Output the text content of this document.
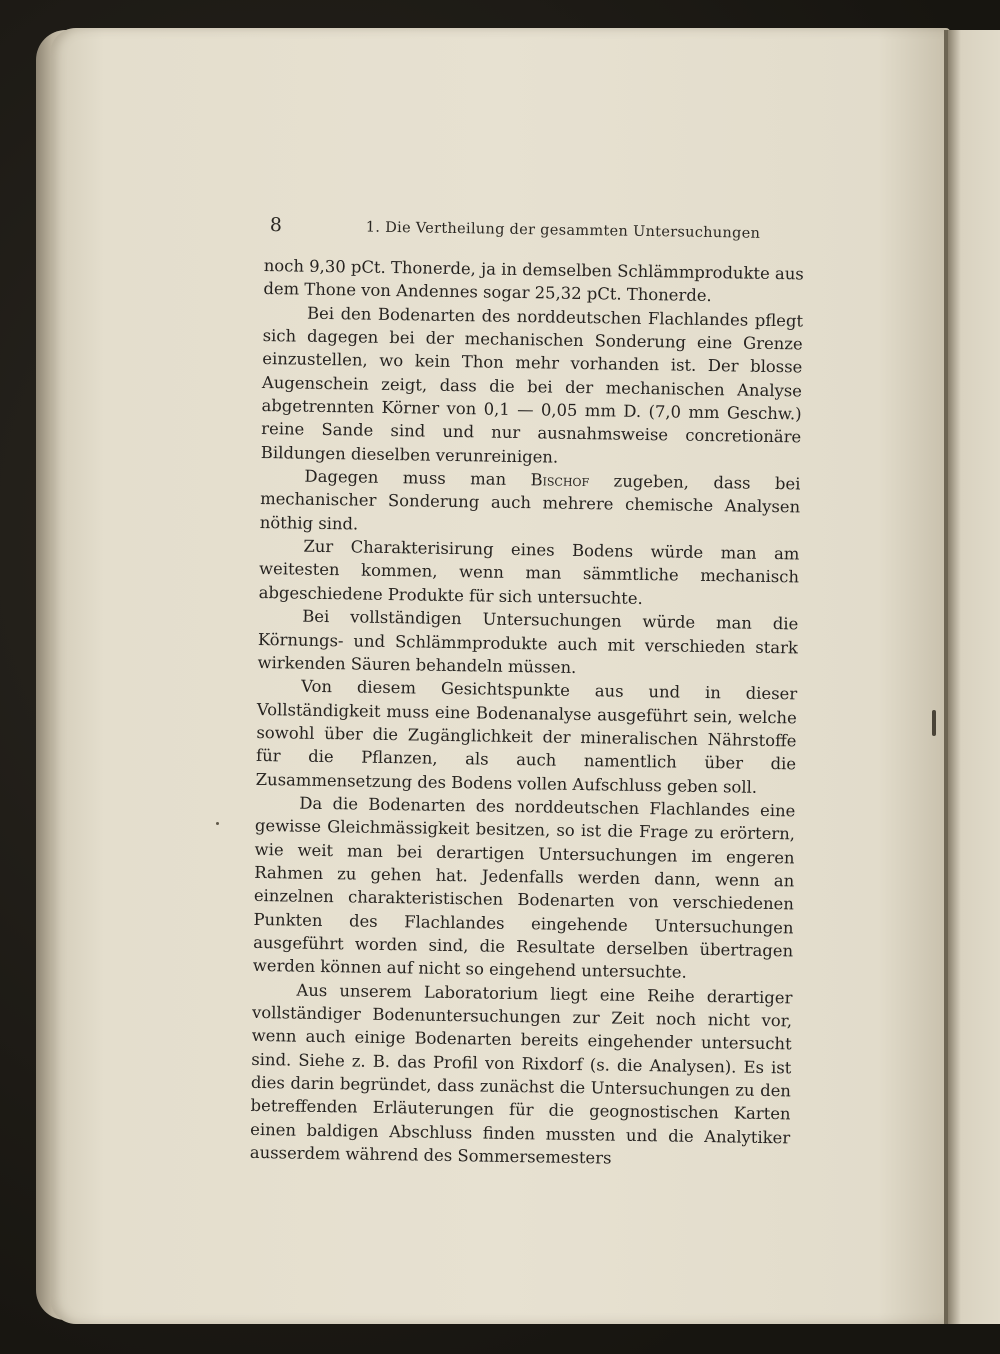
8	1. Die Vertheilung der gesammten Untersuchungen

noch 9,30 pCt. Thonerde, ja in demselben Schlämmprodukte aus dem Thone von Andennes sogar 25,32 pCt. Thonerde.

Bei den Bodenarten des norddeutschen Flachlandes pflegt sich dagegen bei der mechanischen Sonderung eine Grenze einzustellen, wo kein Thon mehr vorhanden ist. Der blosse Augenschein zeigt, dass die bei der mechanischen Analyse abgetrennten Körner von 0,1 — 0,05 mm D. (7,0 mm Geschw.) reine Sande sind und nur ausnahmsweise concretionäre Bildungen dieselben verunreinigen.

Dagegen muss man Bischof zugeben, dass bei mechanischer Sonderung auch mehrere chemische Analysen nöthig sind.

Zur Charakterisirung eines Bodens würde man am weitesten kommen, wenn man sämmtliche mechanisch abgeschiedene Produkte für sich untersuchte.

Bei vollständigen Untersuchungen würde man die Körnungs- und Schlämmprodukte auch mit verschieden stark wirkenden Säuren behandeln müssen.

Von diesem Gesichtspunkte aus und in dieser Vollständigkeit muss eine Bodenanalyse ausgeführt sein, welche sowohl über die Zugänglichkeit der mineralischen Nährstoffe für die Pflanzen, als auch namentlich über die Zusammensetzung des Bodens vollen Aufschluss geben soll.

Da die Bodenarten des norddeutschen Flachlandes eine gewisse Gleichmässigkeit besitzen, so ist die Frage zu erörtern, wie weit man bei derartigen Untersuchungen im engeren Rahmen zu gehen hat. Jedenfalls werden dann, wenn an einzelnen charakteristischen Bodenarten von verschiedenen Punkten des Flachlandes eingehende Untersuchungen ausgeführt worden sind, die Resultate derselben übertragen werden können auf nicht so eingehend untersuchte.

Aus unserem Laboratorium liegt eine Reihe derartiger vollständiger Bodenuntersuchungen zur Zeit noch nicht vor, wenn auch einige Bodenarten bereits eingehender untersucht sind. Siehe z. B. das Profil von Rixdorf (s. die Analysen). Es ist dies darin begründet, dass zunächst die Untersuchungen zu den betreffenden Erläuterungen für die geognostischen Karten einen baldigen Abschluss finden mussten und die Analytiker ausserdem während des Sommersemesters
